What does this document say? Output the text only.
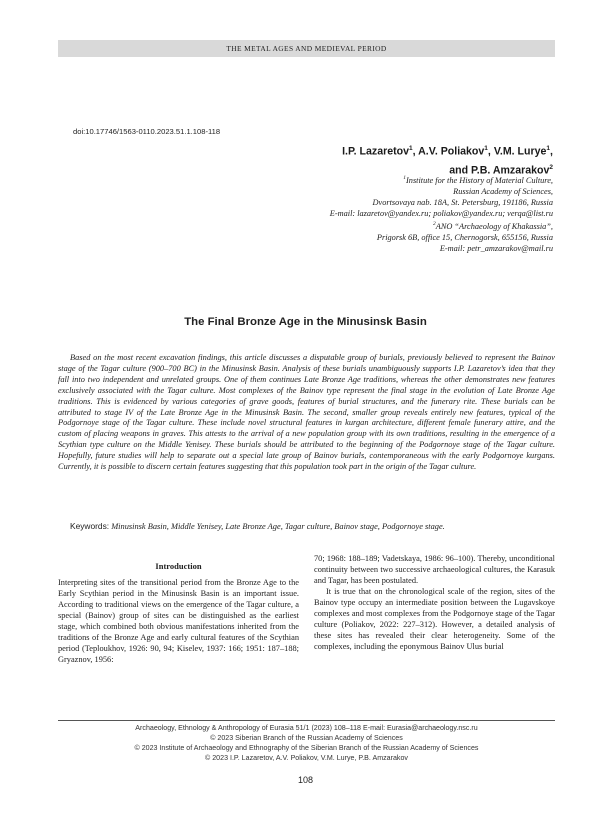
THE METAL AGES AND MEDIEVAL PERIOD
doi:10.17746/1563-0110.2023.51.1.108-118
I.P. Lazaretov$^1$, A.V. Poliakov$^1$, V.M. Lurye$^1$,
and P.B. Amzarakov$^2$
$^1$Institute for the History of Material Culture,
Russian Academy of Sciences,
Dvortsovaya nab. 18A, St. Petersburg, 191186, Russia
E-mail: lazaretov@yandex.ru; poliakov@yandex.ru; verqa@list.ru
$^2$ANO “Archaeology of Khakassia”,
Prigorsk 6B, office 15, Chernogorsk, 655156, Russia
E-mail: petr_amzarakov@mail.ru
The Final Bronze Age in the Minusinsk Basin
Based on the most recent excavation findings, this article discusses a disputable group of burials, previously believed to represent the Bainov stage of the Tagar culture (900–700 BC) in the Minusinsk Basin. Analysis of these burials unambiguously supports I.P. Lazaretov’s idea that they fall into two independent and unrelated groups. One of them continues Late Bronze Age traditions, whereas the other demonstrates new features exclusively associated with the Tagar culture. Most complexes of the Bainov type represent the final stage in the evolution of Late Bronze Age traditions. This is evidenced by various categories of grave goods, features of burial structures, and the funerary rite. These burials can be attributed to stage IV of the Late Bronze Age in the Minusinsk Basin. The second, smaller group reveals entirely new features, typical of the Podgornoye stage of the Tagar culture. These include novel structural features in kurgan architecture, different female funerary attire, and the custom of placing weapons in graves. This attests to the arrival of a new population group with its own traditions, resulting in the emergence of a Scythian type culture on the Middle Yenisey. These burials should be attributed to the beginning of the Podgornoye stage of the Tagar culture. Hopefully, future studies will help to separate out a special late group of Bainov burials, contemporaneous with the early Podgornoye kurgans. Currently, it is possible to discern certain features suggesting that this population took part in the origin of the Tagar culture.
Keywords: Minusinsk Basin, Middle Yenisey, Late Bronze Age, Tagar culture, Bainov stage, Podgornoye stage.
Introduction

Interpreting sites of the transitional period from the Bronze Age to the Early Scythian period in the Minusinsk Basin is an important issue. According to traditional views on the emergence of the Tagar culture, a special (Bainov) group of sites can be distinguished as the earliest stage, which combined both obvious manifestations inherited from the traditions of the Bronze Age and early cultural features of the Scythian period (Teploukhov, 1926: 90, 94; Kiselev, 1937: 166; 1951: 187–188; Gryaznov, 1956:

70; 1968: 188–189; Vadetskaya, 1986: 96–100). Thereby, unconditional continuity between two successive archaeological cultures, the Karasuk and Tagar, has been postulated.

It is true that on the chronological scale of the region, sites of the Bainov type occupy an intermediate position between the Lugavskoye complexes and most complexes from the Podgornoye stage of the Tagar culture (Poliakov, 2022: 227–312). However, a detailed analysis of these sites has revealed their clear heterogeneity. Some of the complexes, including the eponymous Bainov Ulus burial

Archaeology, Ethnology & Anthropology of Eurasia 51/1 (2023) 108–118 E-mail: Eurasia@archaeology.nsc.ru
© 2023 Siberian Branch of the Russian Academy of Sciences
© 2023 Institute of Archaeology and Ethnography of the Siberian Branch of the Russian Academy of Sciences
© 2023 I.P. Lazaretov, A.V. Poliakov, V.M. Lurye, P.B. Amzarakov
108
